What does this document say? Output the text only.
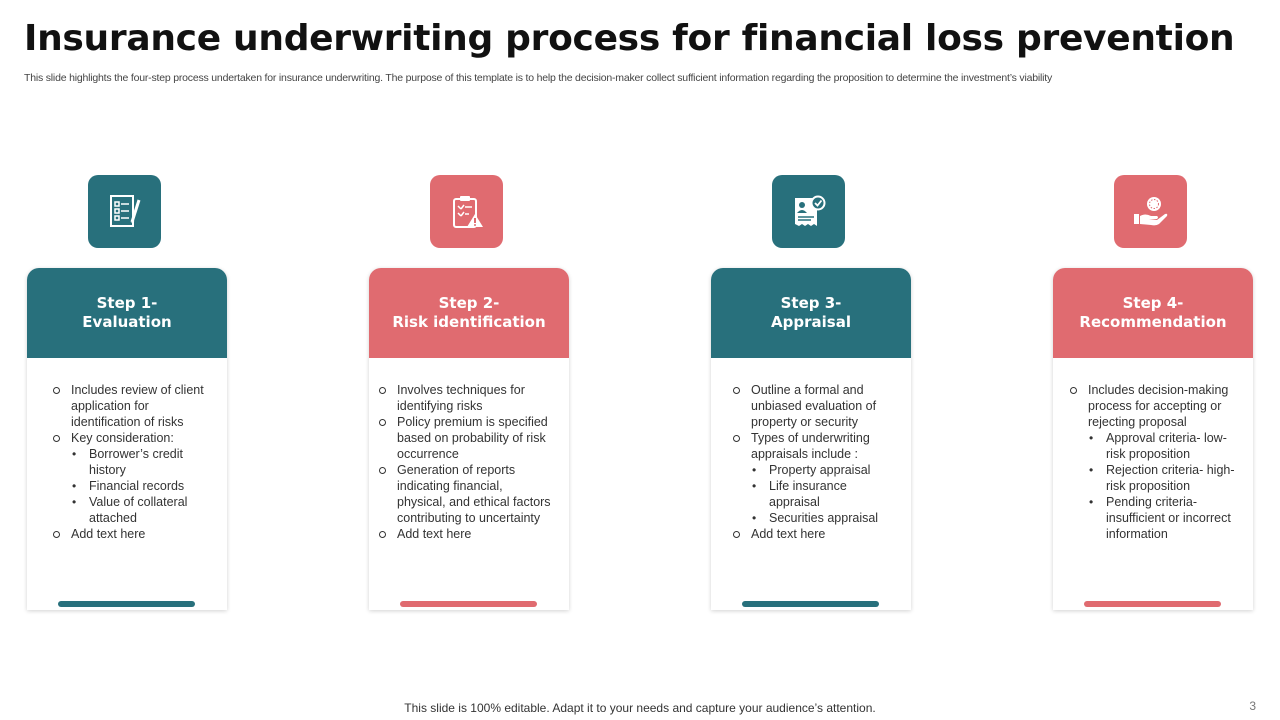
Insurance underwriting process for financial loss prevention
This slide highlights the four-step process undertaken for insurance underwriting. The purpose of this template is to help the decision-maker collect sufficient information regarding the proposition to determine the investment’s viability
Step 1-
Evaluation
Includes review of client application for identification of risks
Key consideration:
• Borrower’s credit history
• Financial records
• Value of collateral attached
Add text here
Step 2-
Risk identification
Involves techniques for identifying risks
Policy premium is specified based on probability of risk occurrence
Generation of reports indicating financial, physical, and ethical factors contributing to uncertainty
Add text here
Step 3-
Appraisal
Outline a formal and unbiased evaluation of property or security
Types of underwriting appraisals include :
• Property appraisal
• Life insurance appraisal
• Securities appraisal
Add text here
Step 4-
Recommendation
Includes decision-making process for accepting or rejecting proposal
• Approval criteria- low-risk proposition
• Rejection criteria- high-risk proposition
• Pending criteria- insufficient or incorrect information
This slide is 100% editable. Adapt it to your needs and capture your audience’s attention.	3
